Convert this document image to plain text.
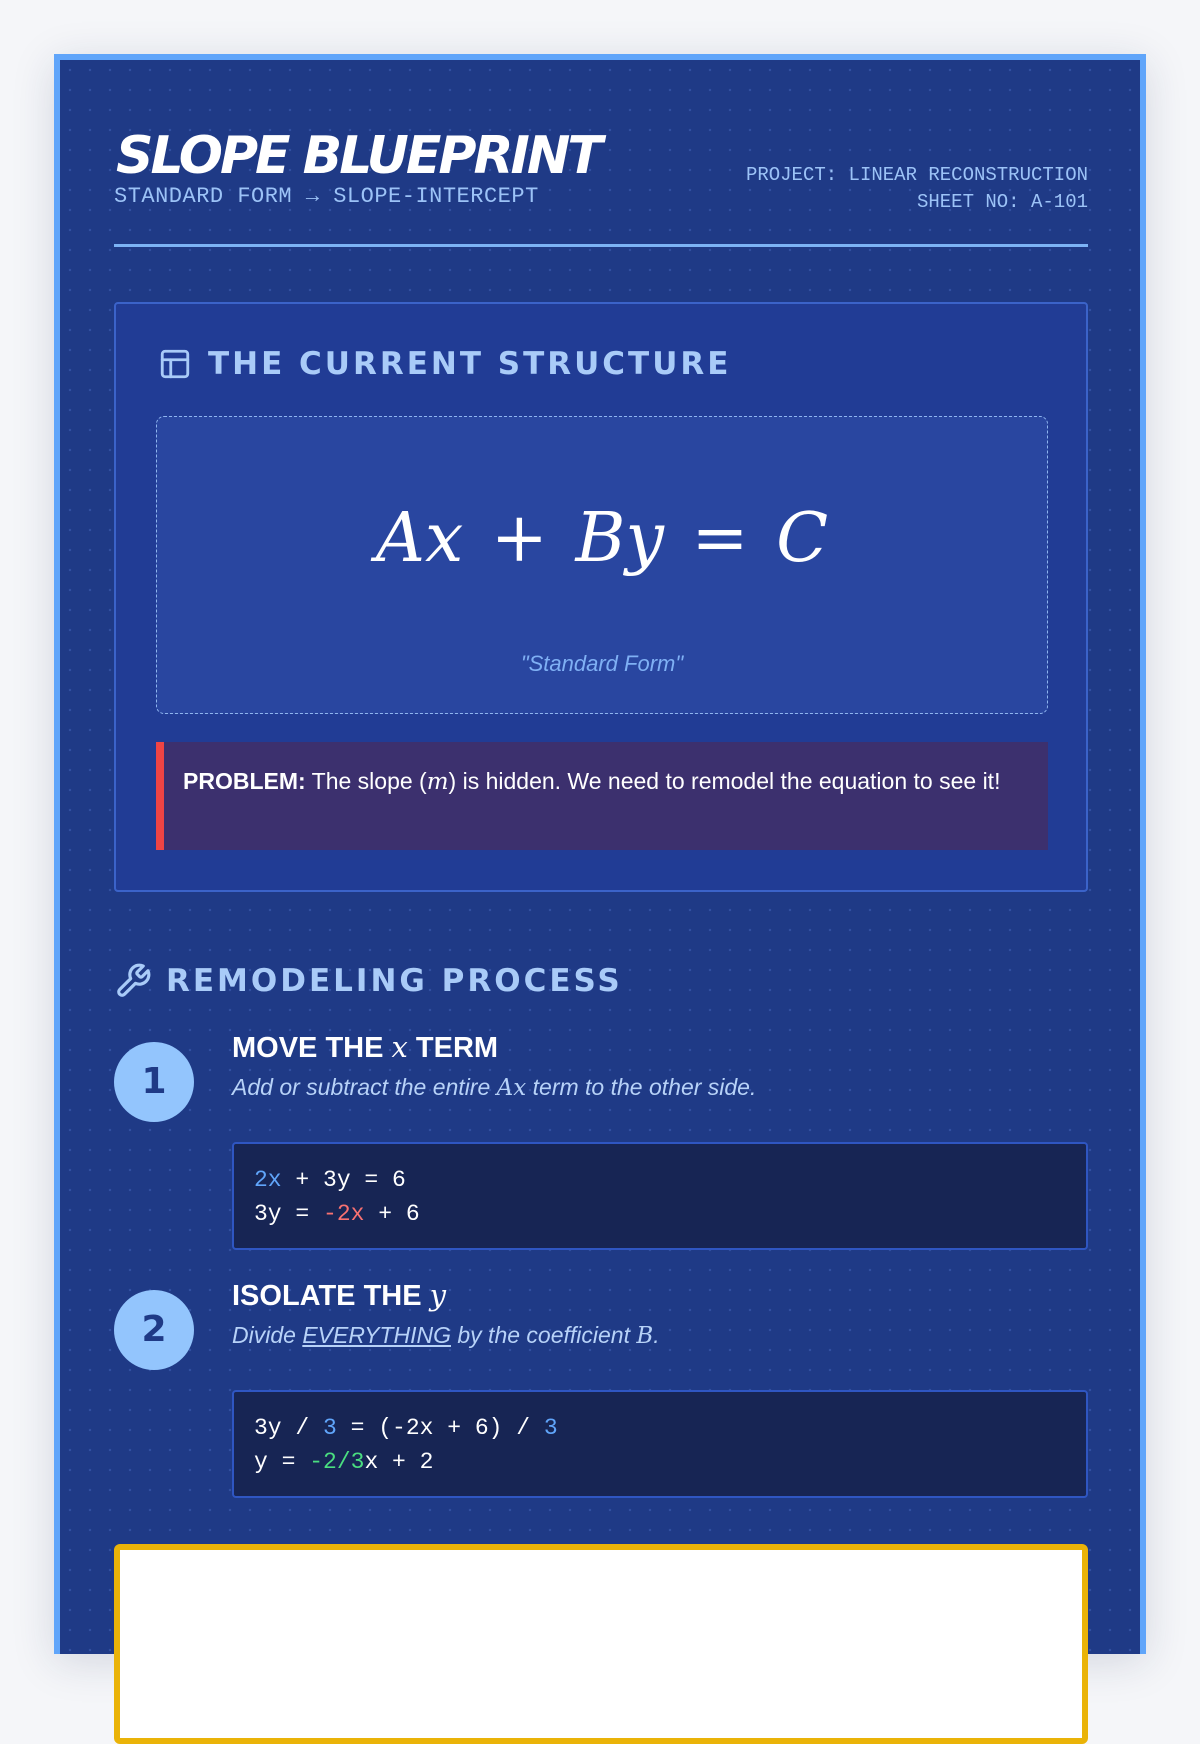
SLOPE BLUEPRINT
STANDARD FORM → SLOPE-INTERCEPT
PROJECT: LINEAR RECONSTRUCTION
SHEET NO: A-101
THE CURRENT STRUCTURE
Ax + By = C
"Standard Form"
PROBLEM: The slope (m) is hidden. We need to remodel the equation to see it!
REMODELING PROCESS
1
MOVE THE x TERM
Add or subtract the entire Ax term to the other side.
2x + 3y = 6
3y = -2x + 6
2
ISOLATE THE y
Divide EVERYTHING by the coefficient B.
3y / 3 = (-2x + 6) / 3
y = -2/3x + 2
